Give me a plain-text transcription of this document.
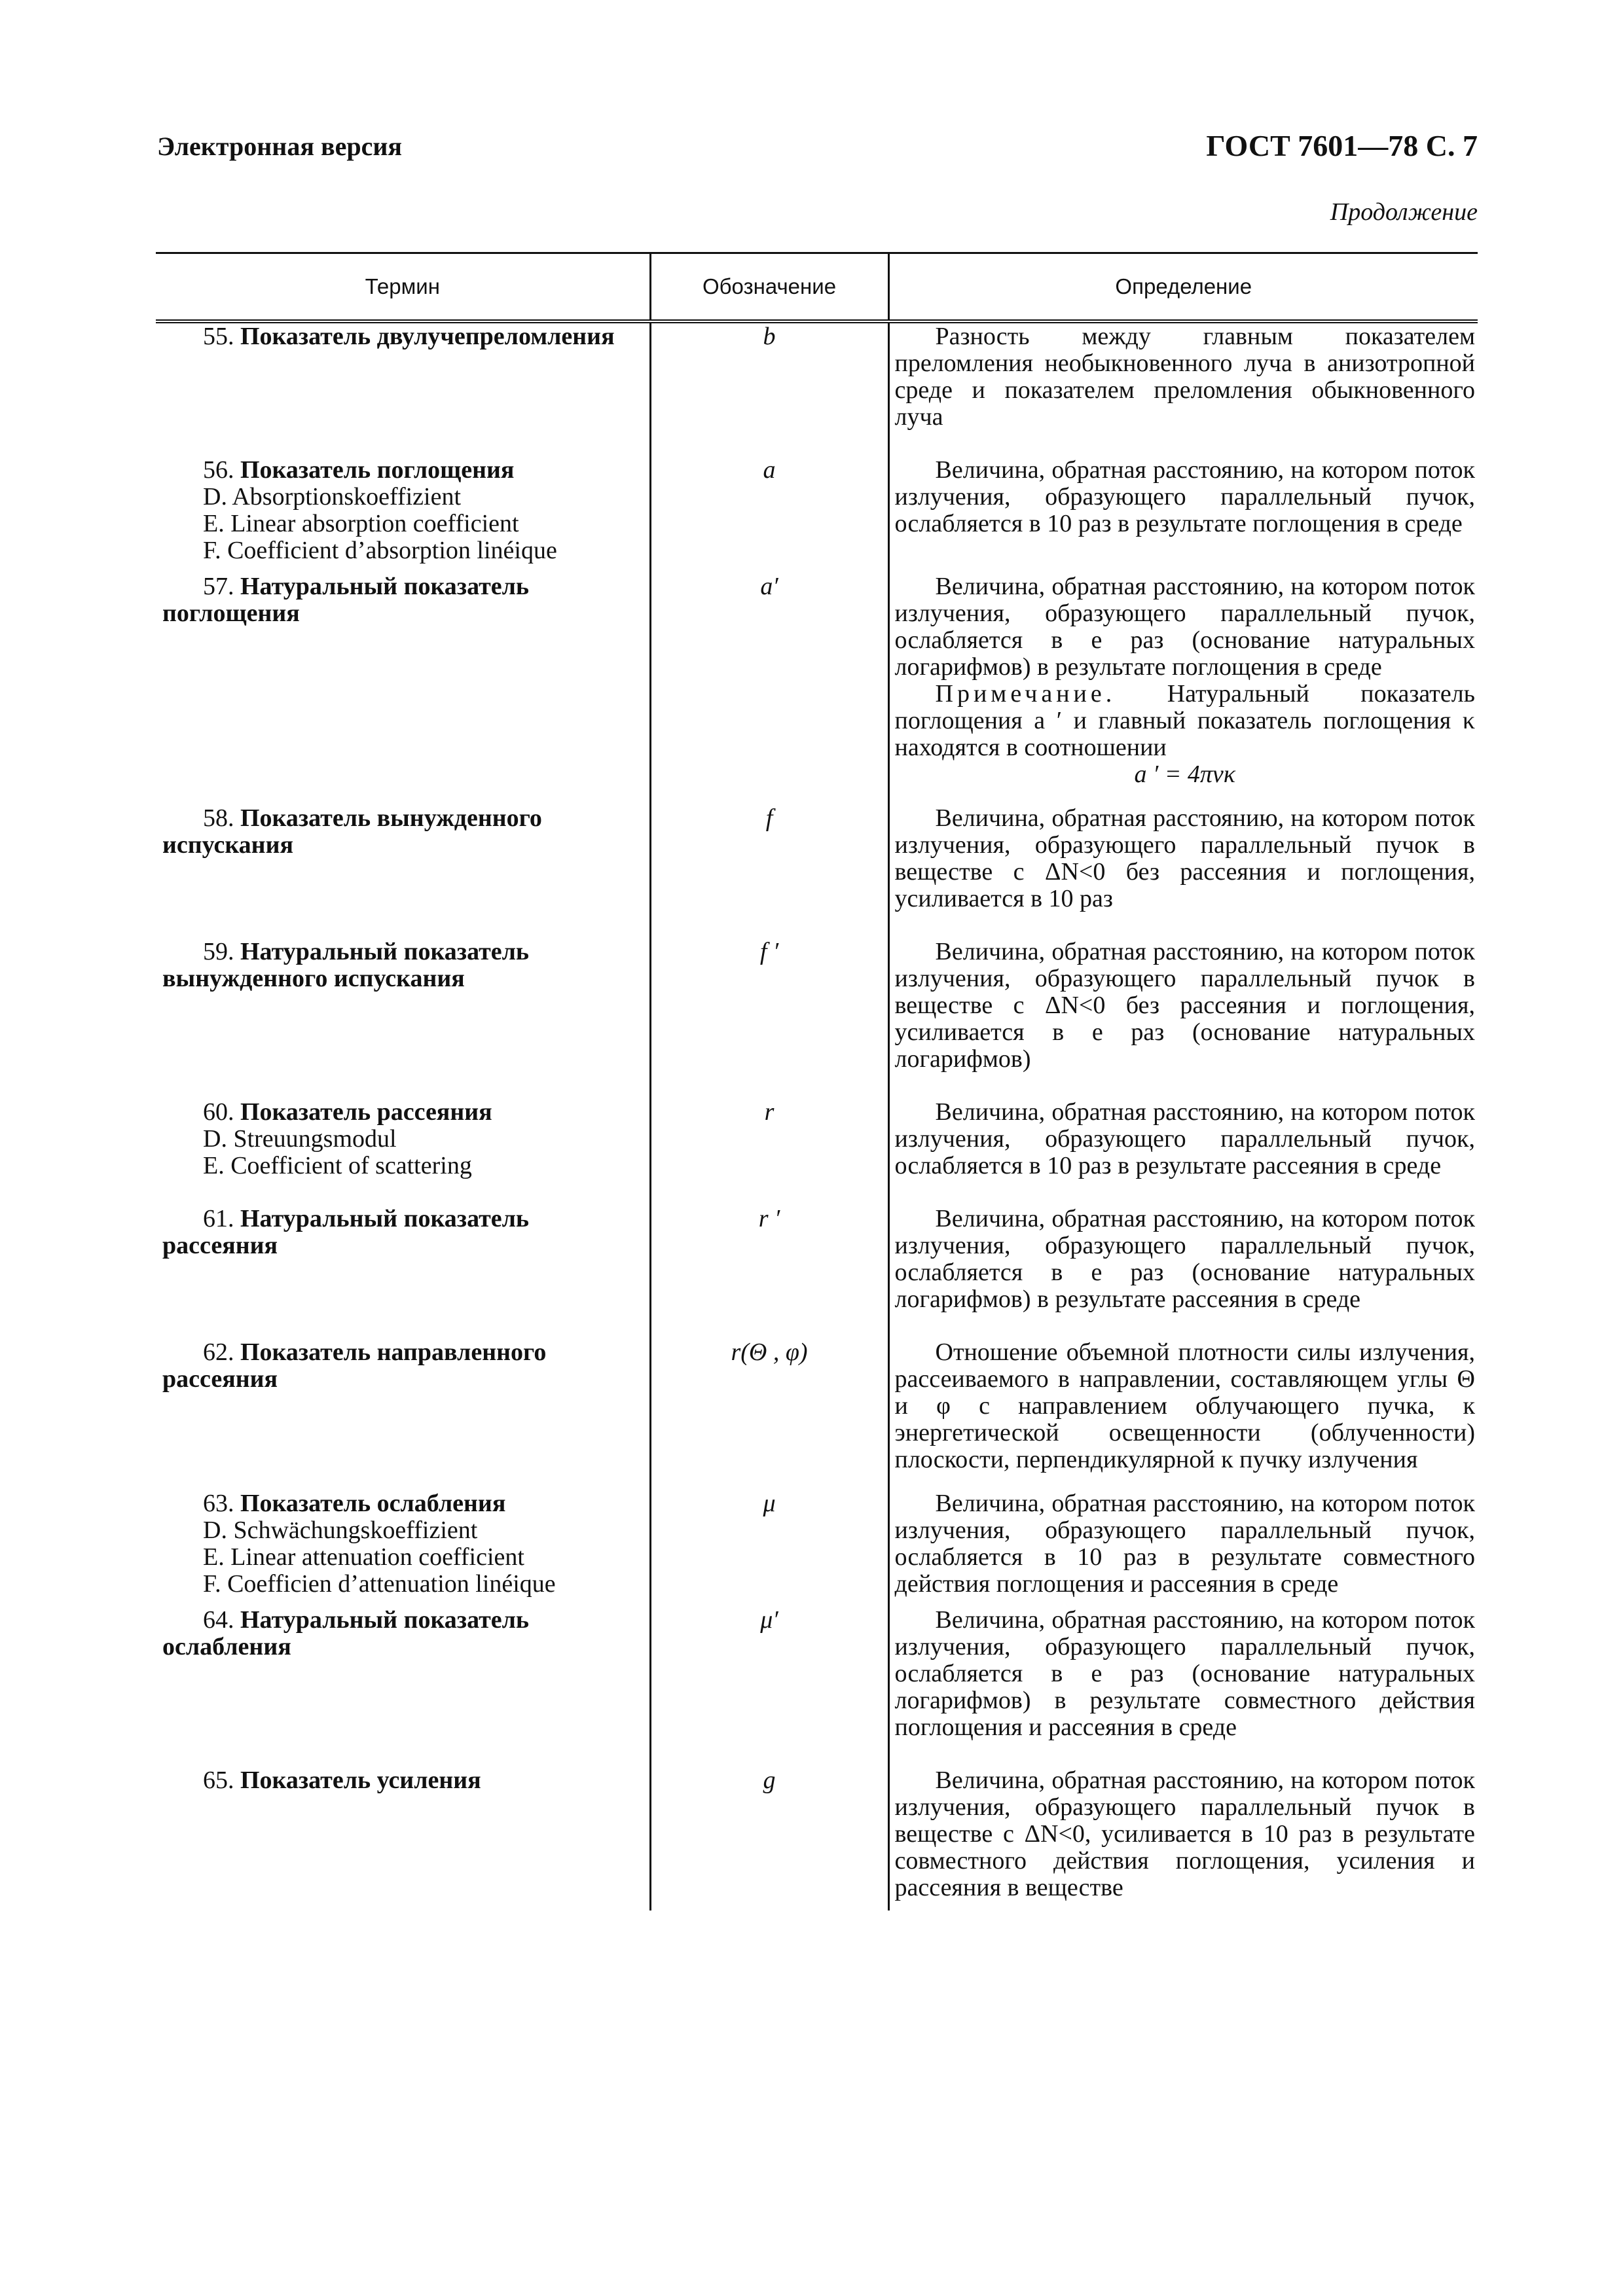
Электронная версия	ГОСТ 7601—78 С. 7
Продолжение
Термин	Обозначение	Определение

55. Показатель двулучепреломления	b	Разность между главным показателем преломления необыкновенного луча в анизотропной среде и показателем преломления обыкновенного луча

56. Показатель поглощения
D. Absorptionskoeffizient
E. Linear absorption coefficient
F. Coefficient d’absorption linéique	a	Величина, обратная расстоянию, на котором поток излучения, образующего параллельный пучок, ослабляется в 10 раз в результате поглощения в среде

57. Натуральный показатель поглощения	a′	Величина, обратная расстоянию, на котором поток излучения, образующего параллельный пучок, ослабляется в e раз (основание натуральных логарифмов) в результате поглощения в среде
Примечание. Натуральный показатель поглощения a ′ и главный показатель поглощения κ находятся в соотношении
a ′ = 4πνκ

58. Показатель вынужденного испускания	f	Величина, обратная расстоянию, на котором поток излучения, образующего параллельный пучок в веществе с ΔN<0 без рассеяния и поглощения, усиливается в 10 раз

59. Натуральный показатель вынужденного испускания	f ′	Величина, обратная расстоянию, на котором поток излучения, образующего параллельный пучок в веществе с ΔN<0 без рассеяния и поглощения, усиливается в e раз (основание натуральных логарифмов)

60. Показатель рассеяния
D. Streuungsmodul
E. Coefficient of scattering	r	Величина, обратная расстоянию, на котором поток излучения, образующего параллельный пучок, ослабляется в 10 раз в результате рассеяния в среде

61. Натуральный показатель рассеяния	r ′	Величина, обратная расстоянию, на котором поток излучения, образующего параллельный пучок, ослабляется в e раз (основание натуральных логарифмов) в результате рассеяния в среде

62. Показатель направленного рассеяния	r(Θ , φ)	Отношение объемной плотности силы излучения, рассеиваемого в направлении, составляющем углы Θ и φ с направлением облучающего пучка, к энергетической освещенности (облученности) плоскости, перпендикулярной к пучку излучения

63. Показатель ослабления
D. Schwächungskoeffizient
E. Linear attenuation coefficient
F. Coefficien d’attenuation linéique	μ	Величина, обратная расстоянию, на котором поток излучения, образующего параллельный пучок, ослабляется в 10 раз в результате совместного действия поглощения и рассеяния в среде

64. Натуральный показатель ослабления	μ′	Величина, обратная расстоянию, на котором поток излучения, образующего параллельный пучок, ослабляется в e раз (основание натуральных логарифмов) в результате совместного действия поглощения и рассеяния в среде

65. Показатель усиления	g	Величина, обратная расстоянию, на котором поток излучения, образующего параллельный пучок в веществе с ΔN<0, усиливается в 10 раз в результате совместного действия поглощения, усиления и рассеяния в веществе
